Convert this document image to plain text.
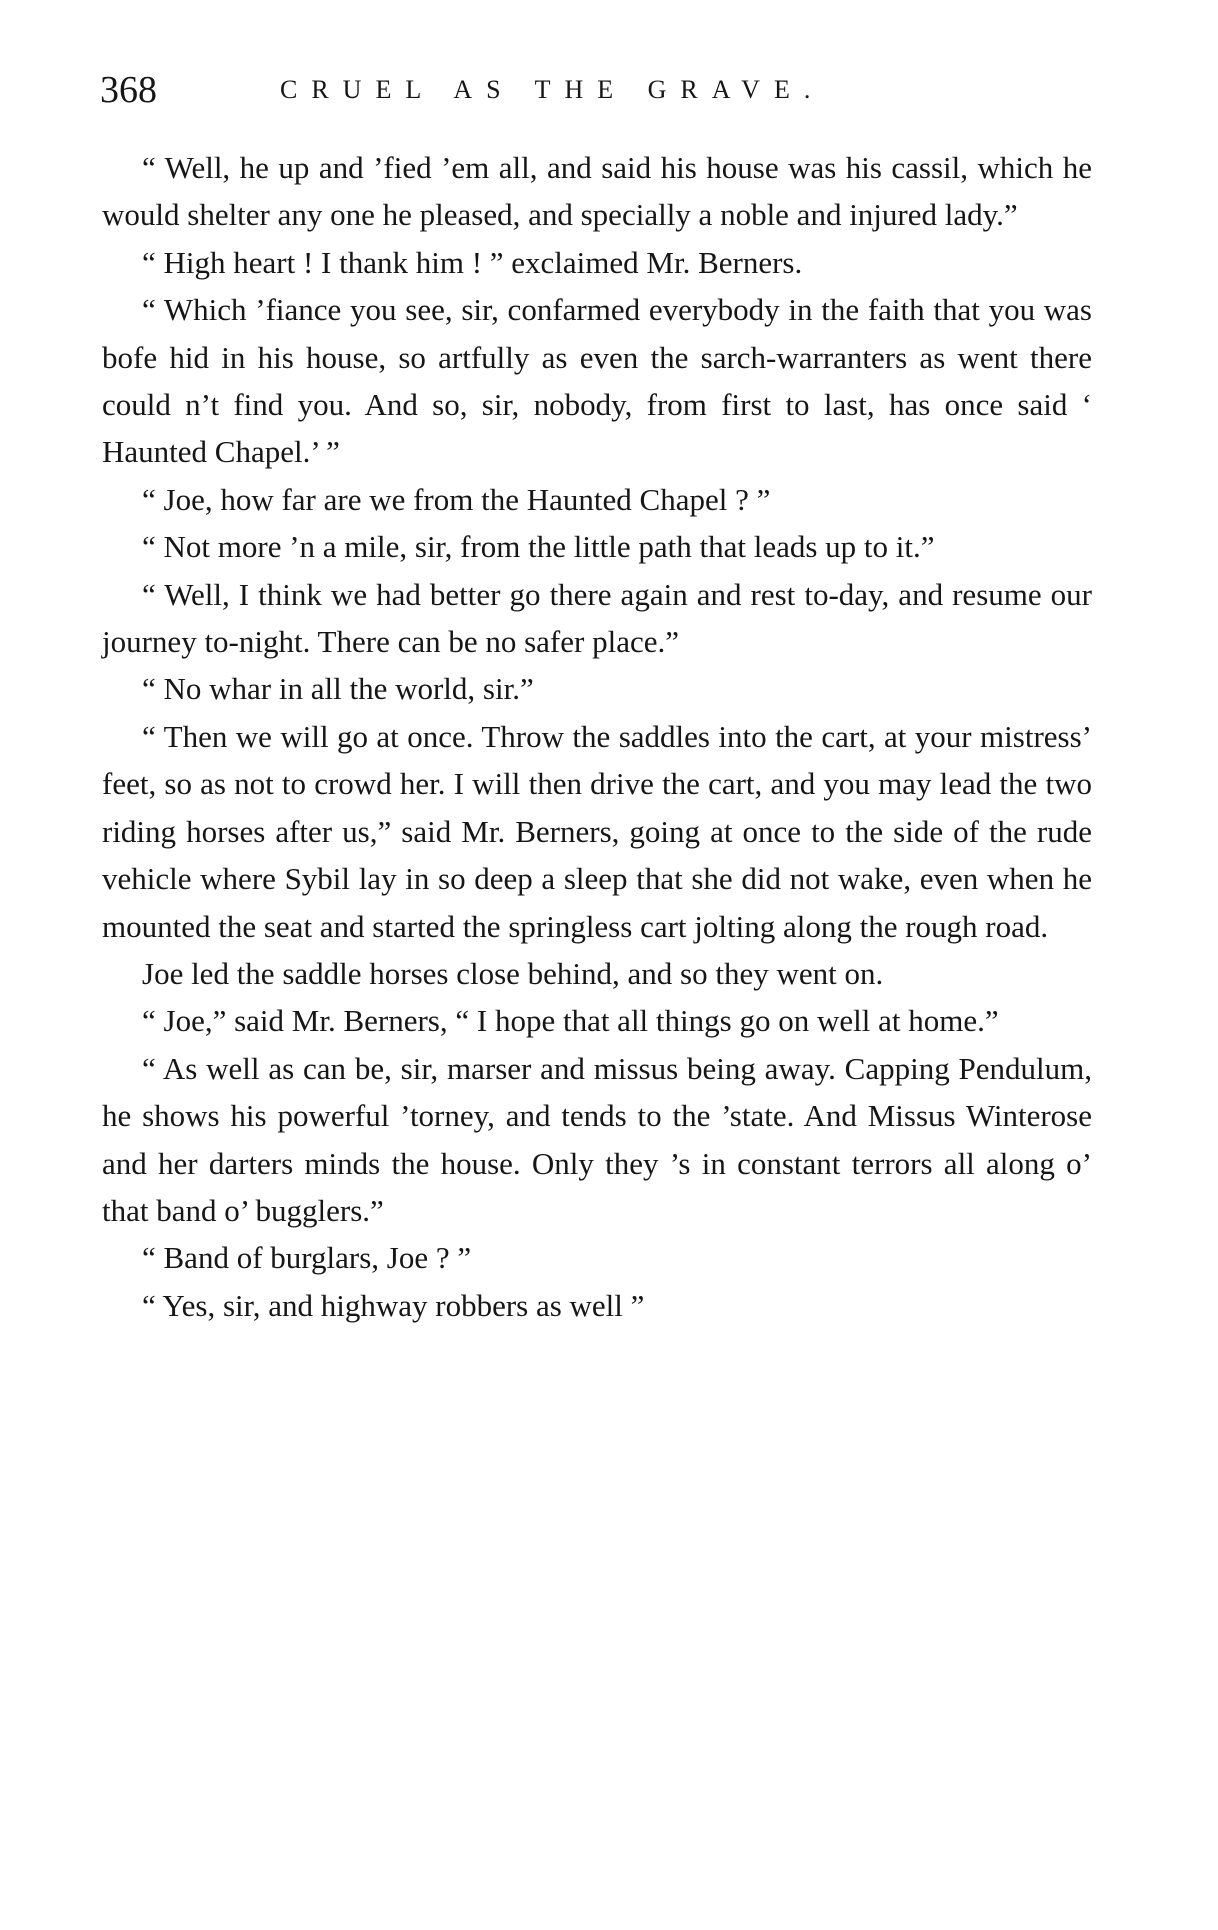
368	CRUEL AS THE GRAVE.

“ Well, he up and ’fied ’em all, and said his house was his cassil, which he would shelter any one he pleased, and specially a noble and injured lady.”

“ High heart ! I thank him ! ” exclaimed Mr. Berners.

“ Which ’fiance you see, sir, confarmed everybody in the faith that you was bofe hid in his house, so artfully as even the sarch-warranters as went there could n’t find you. And so, sir, nobody, from first to last, has once said ‘ Haunted Chapel.’ ”

“ Joe, how far are we from the Haunted Chapel ? ”

“ Not more ’n a mile, sir, from the little path that leads up to it.”

“ Well, I think we had better go there again and rest to-day, and resume our journey to-night. There can be no safer place.”

“ No whar in all the world, sir.”

“ Then we will go at once. Throw the saddles into the cart, at your mistress’ feet, so as not to crowd her. I will then drive the cart, and you may lead the two riding horses after us,” said Mr. Berners, going at once to the side of the rude vehicle where Sybil lay in so deep a sleep that she did not wake, even when he mounted the seat and started the springless cart jolting along the rough road.

Joe led the saddle horses close behind, and so they went on.

“ Joe,” said Mr. Berners, “ I hope that all things go on well at home.”

“ As well as can be, sir, marser and missus being away. Capping Pendulum, he shows his powerful ’torney, and tends to the ’state. And Missus Winterose and her darters minds the house. Only they ’s in constant terrors all along o’ that band o’ bugglers.”

“ Band of burglars, Joe ? ”

“ Yes, sir, and highway robbers as well ”
